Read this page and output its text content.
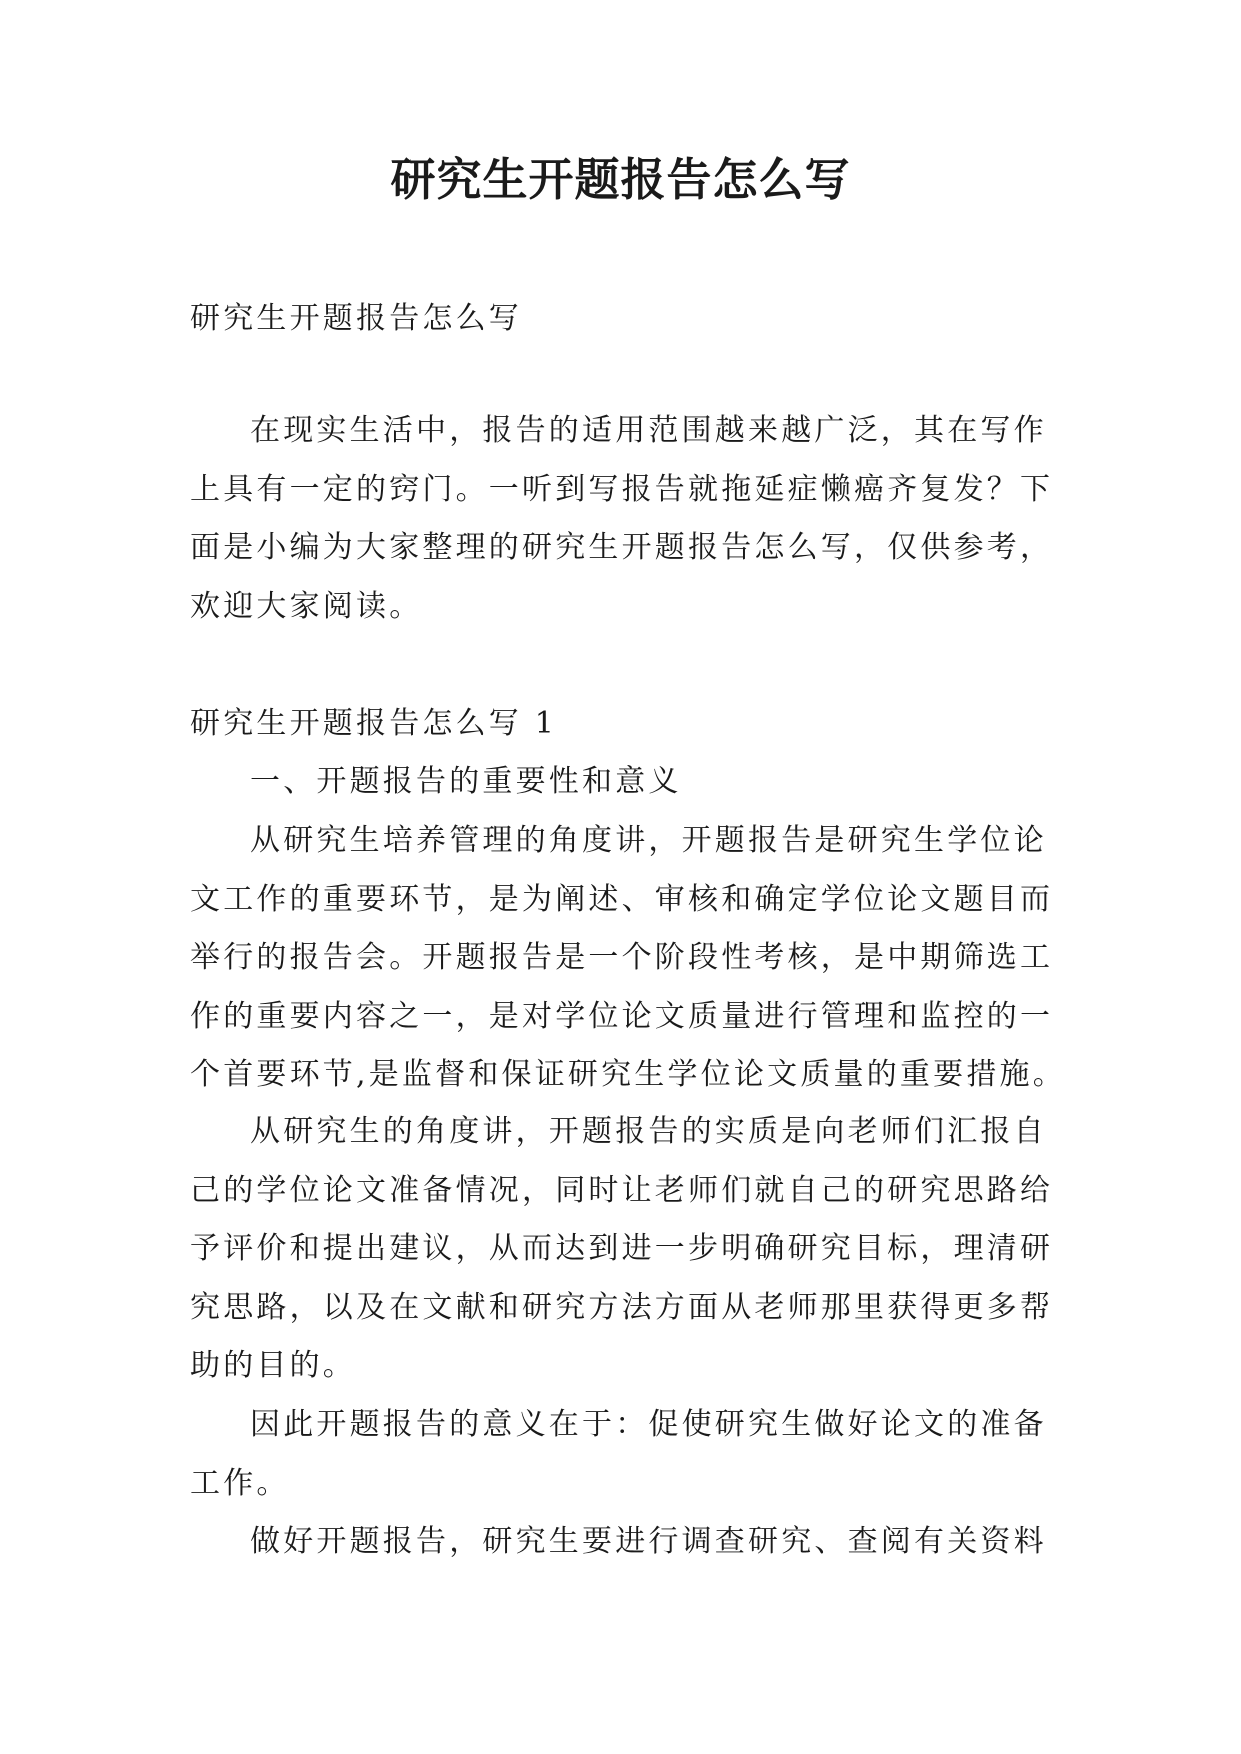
研究生开题报告怎么写

研究生开题报告怎么写

在现实生活中，报告的适用范围越来越广泛，其在写作上具有一定的窍门。一听到写报告就拖延症懒癌齐复发？下面是小编为大家整理的研究生开题报告怎么写，仅供参考，欢迎大家阅读。

研究生开题报告怎么写 1

一、开题报告的重要性和意义

从研究生培养管理的角度讲，开题报告是研究生学位论文工作的重要环节，是为阐述、审核和确定学位论文题目而举行的报告会。开题报告是一个阶段性考核，是中期筛选工作的重要内容之一，是对学位论文质量进行管理和监控的一个首要环节,是监督和保证研究生学位论文质量的重要措施。

从研究生的角度讲，开题报告的实质是向老师们汇报自己的学位论文准备情况，同时让老师们就自己的研究思路给予评价和提出建议，从而达到进一步明确研究目标，理清研究思路，以及在文献和研究方法方面从老师那里获得更多帮助的目的。

因此开题报告的意义在于：促使研究生做好论文的准备工作。

做好开题报告，研究生要进行调查研究、查阅有关资料
